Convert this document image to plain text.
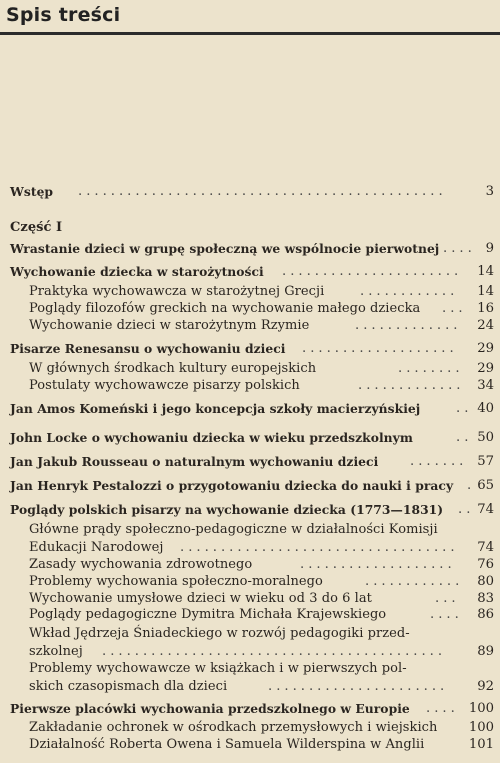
Spis treści
Wstęp .............................................	3
Część I
Wrastanie dzieci w grupę społeczną we wspólnocie pierwotnej .... 9
Wychowanie dziecka w starożytności ......................	14
Praktyka wychowawcza w starożytnej Grecji	............ 14
Poglądy filozofów greckich na wychowanie małego dziecka ... 16
Wychowanie dzieci w starożytnym Rzymie	............. 24
Pisarze Renesansu o wychowaniu dzieci ...................	29
W głównych środkach kultury europejskich	........	29
Postulaty wychowawcze pisarzy polskich	............. 34
Jan Amos Komeński i jego koncepcja szkoły macierzyńskiej	.. 40
John Locke o wychowaniu dziecka w wieku przedszkolnym	.. 50
Jan Jakub Rousseau o naturalnym wychowaniu dzieci ....... 57
Jan Henryk Pestalozzi o przygotowaniu dziecka do nauki i pracy . 65
Poglądy polskich pisarzy na wychowanie dziecka (1773—1831) .. 74
Główne prądy społeczno-pedagogiczne w działalności Komisji
Edukacji Narodowej ..................................	74
Zasady wychowania zdrowotnego	...................	76
Problemy wychowania społeczno-moralnego	............ 80
Wychowanie umysłowe dzieci w wieku od 3 do 6 lat	...	83
Poglądy pedagogiczne Dymitra Michała Krajewskiego	.... 86
Wkład Jędrzeja Śniadeckiego w rozwój pedagogiki przed-
szkolnej ..........................................	89
Problemy wychowawcze w książkach i w pierwszych pol-
skich czasopismach dla dzieci	......................	92
Pierwsze placówki wychowania przedszkolnego w Europie .... 100
Zakładanie ochronek w ośrodkach przemysłowych i wiejskich 100
Działalność Roberta Owena i Samuela Wilderspina w Anglii	101
